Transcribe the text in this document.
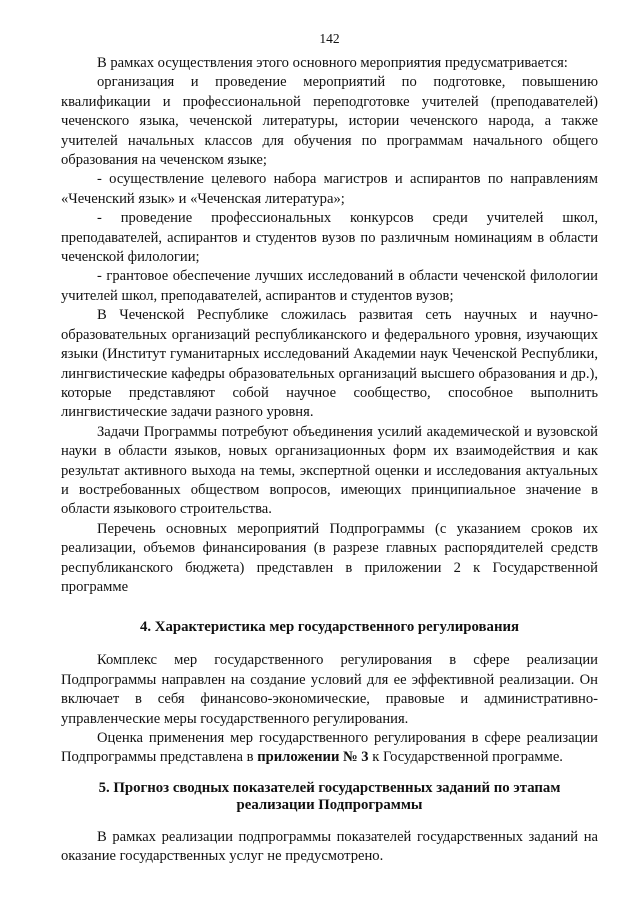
142

В рамках осуществления этого основного мероприятия предусматривается:

организация и проведение мероприятий по подготовке, повышению квалификации и профессиональной переподготовке учителей (преподавателей) чеченского языка, чеченской литературы, истории чеченского народа, а также учителей начальных классов для обучения по программам начального общего образования на чеченском языке;

- осуществление целевого набора магистров и аспирантов по направлениям «Чеченский язык» и «Чеченская литература»;

- проведение профессиональных конкурсов среди учителей школ, преподавателей, аспирантов и студентов вузов по различным номинациям в области чеченской филологии;

- грантовое обеспечение лучших исследований в области чеченской филологии учителей школ, преподавателей, аспирантов и студентов вузов;

В Чеченской Республике сложилась развитая сеть научных и научно-образовательных организаций республиканского и федерального уровня, изучающих языки (Институт гуманитарных исследований Академии наук Чеченской Республики, лингвистические кафедры образовательных организаций высшего образования и др.), которые представляют собой научное сообщество, способное выполнить лингвистические задачи разного уровня.

Задачи Программы потребуют объединения усилий академической и вузовской науки в области языков, новых организационных форм их взаимодействия и как результат активного выхода на темы, экспертной оценки и исследования актуальных и востребованных обществом вопросов, имеющих принципиальное значение в области языкового строительства.

Перечень основных мероприятий Подпрограммы (с указанием сроков их реализации, объемов финансирования (в разрезе главных распорядителей средств республиканского бюджета) представлен в приложении 2 к Государственной программе

4. Характеристика мер государственного регулирования

Комплекс мер государственного регулирования в сфере реализации Подпрограммы направлен на создание условий для ее эффективной реализации. Он включает в себя финансово-экономические, правовые и административно-управленческие меры государственного регулирования.

Оценка применения мер государственного регулирования в сфере реализации Подпрограммы представлена в приложении № 3 к Государственной программе.

5. Прогноз сводных показателей государственных заданий по этапам
реализации Подпрограммы

В рамках реализации подпрограммы показателей государственных заданий на оказание государственных услуг не предусмотрено.
